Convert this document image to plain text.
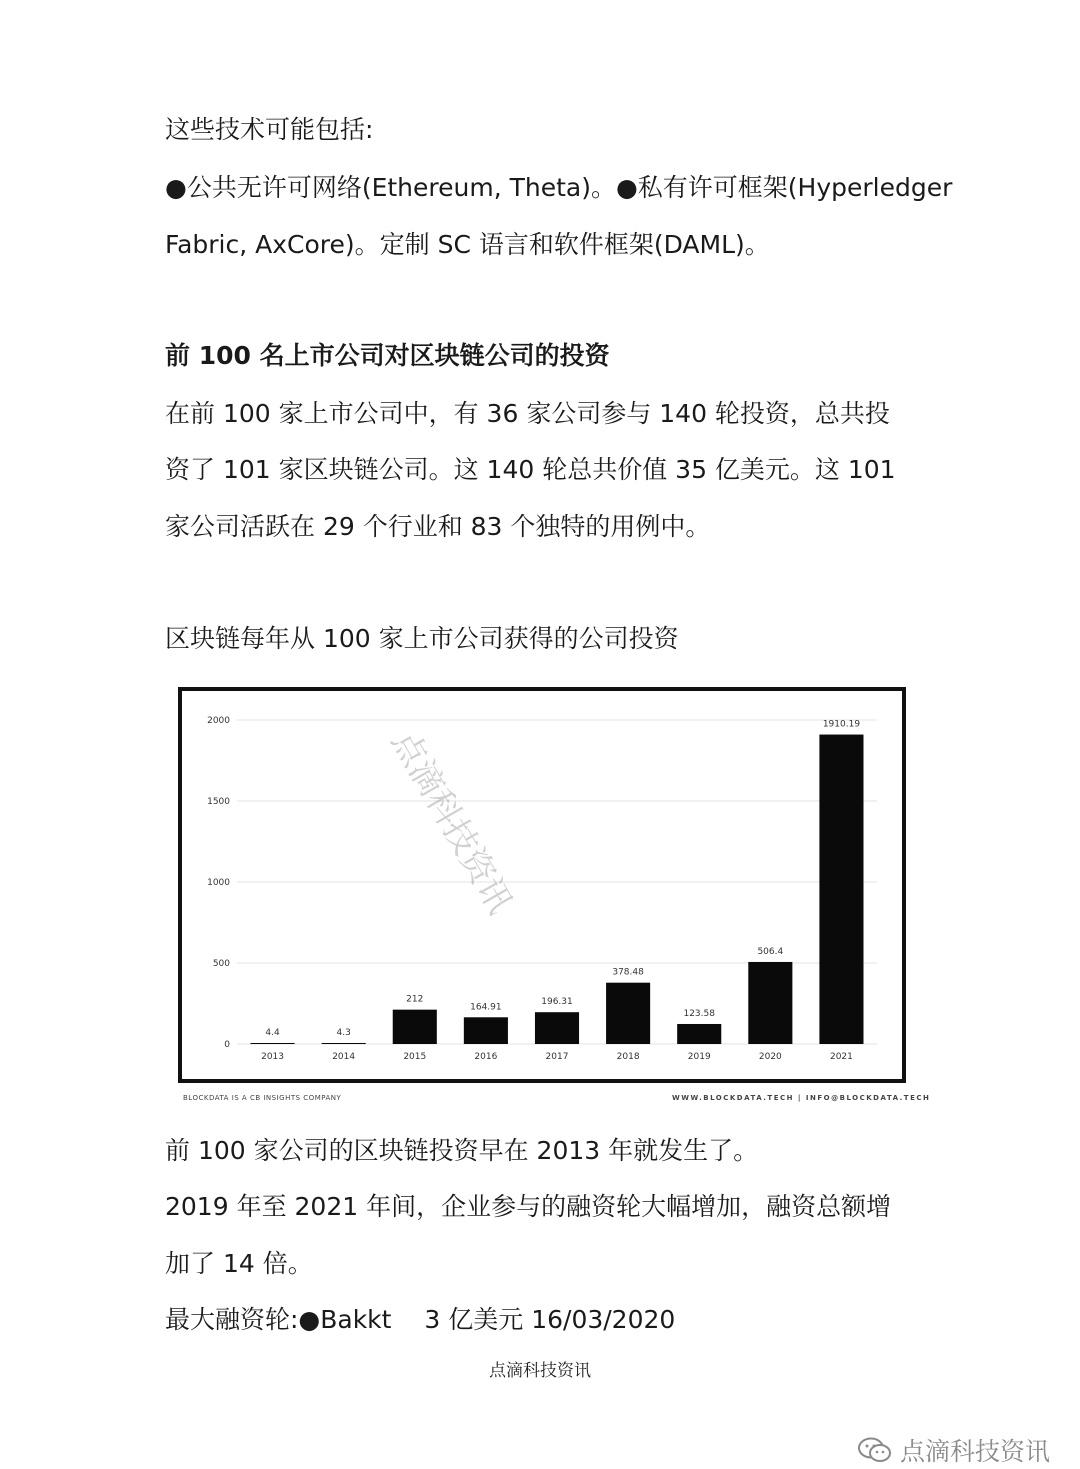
这些技术可能包括:
●公共无许可网络(Ethereum, Theta)。●私有许可框架(Hyperledger
Fabric, AxCore)。定制 SC 语言和软件框架(DAML)。
前 100 名上市公司对区块链公司的投资
在前 100 家上市公司中，有 36 家公司参与 140 轮投资，总共投
资了 101 家区块链公司。这 140 轮总共价值 35 亿美元。这 101
家公司活跃在 29 个行业和 83 个独特的用例中。
区块链每年从 100 家上市公司获得的公司投资
0
500
1000
1500
2000
4.4
2013
4.3
2014
212
2015
164.91
2016
196.31
2017
378.48
2018
123.58
2019
506.4
2020
1910.19
2021
BLOCKDATA IS A CB INSIGHTS COMPANY	WWW.BLOCKDATA.TECH | INFO@BLOCKDATA.TECH
点滴科技资讯
前 100 家公司的区块链投资早在 2013 年就发生了。
2019 年至 2021 年间，企业参与的融资轮大幅增加，融资总额增
加了 14 倍。
最大融资轮:●Bakkt　 3 亿美元 16/03/2020
点滴科技资讯
点滴科技资讯
